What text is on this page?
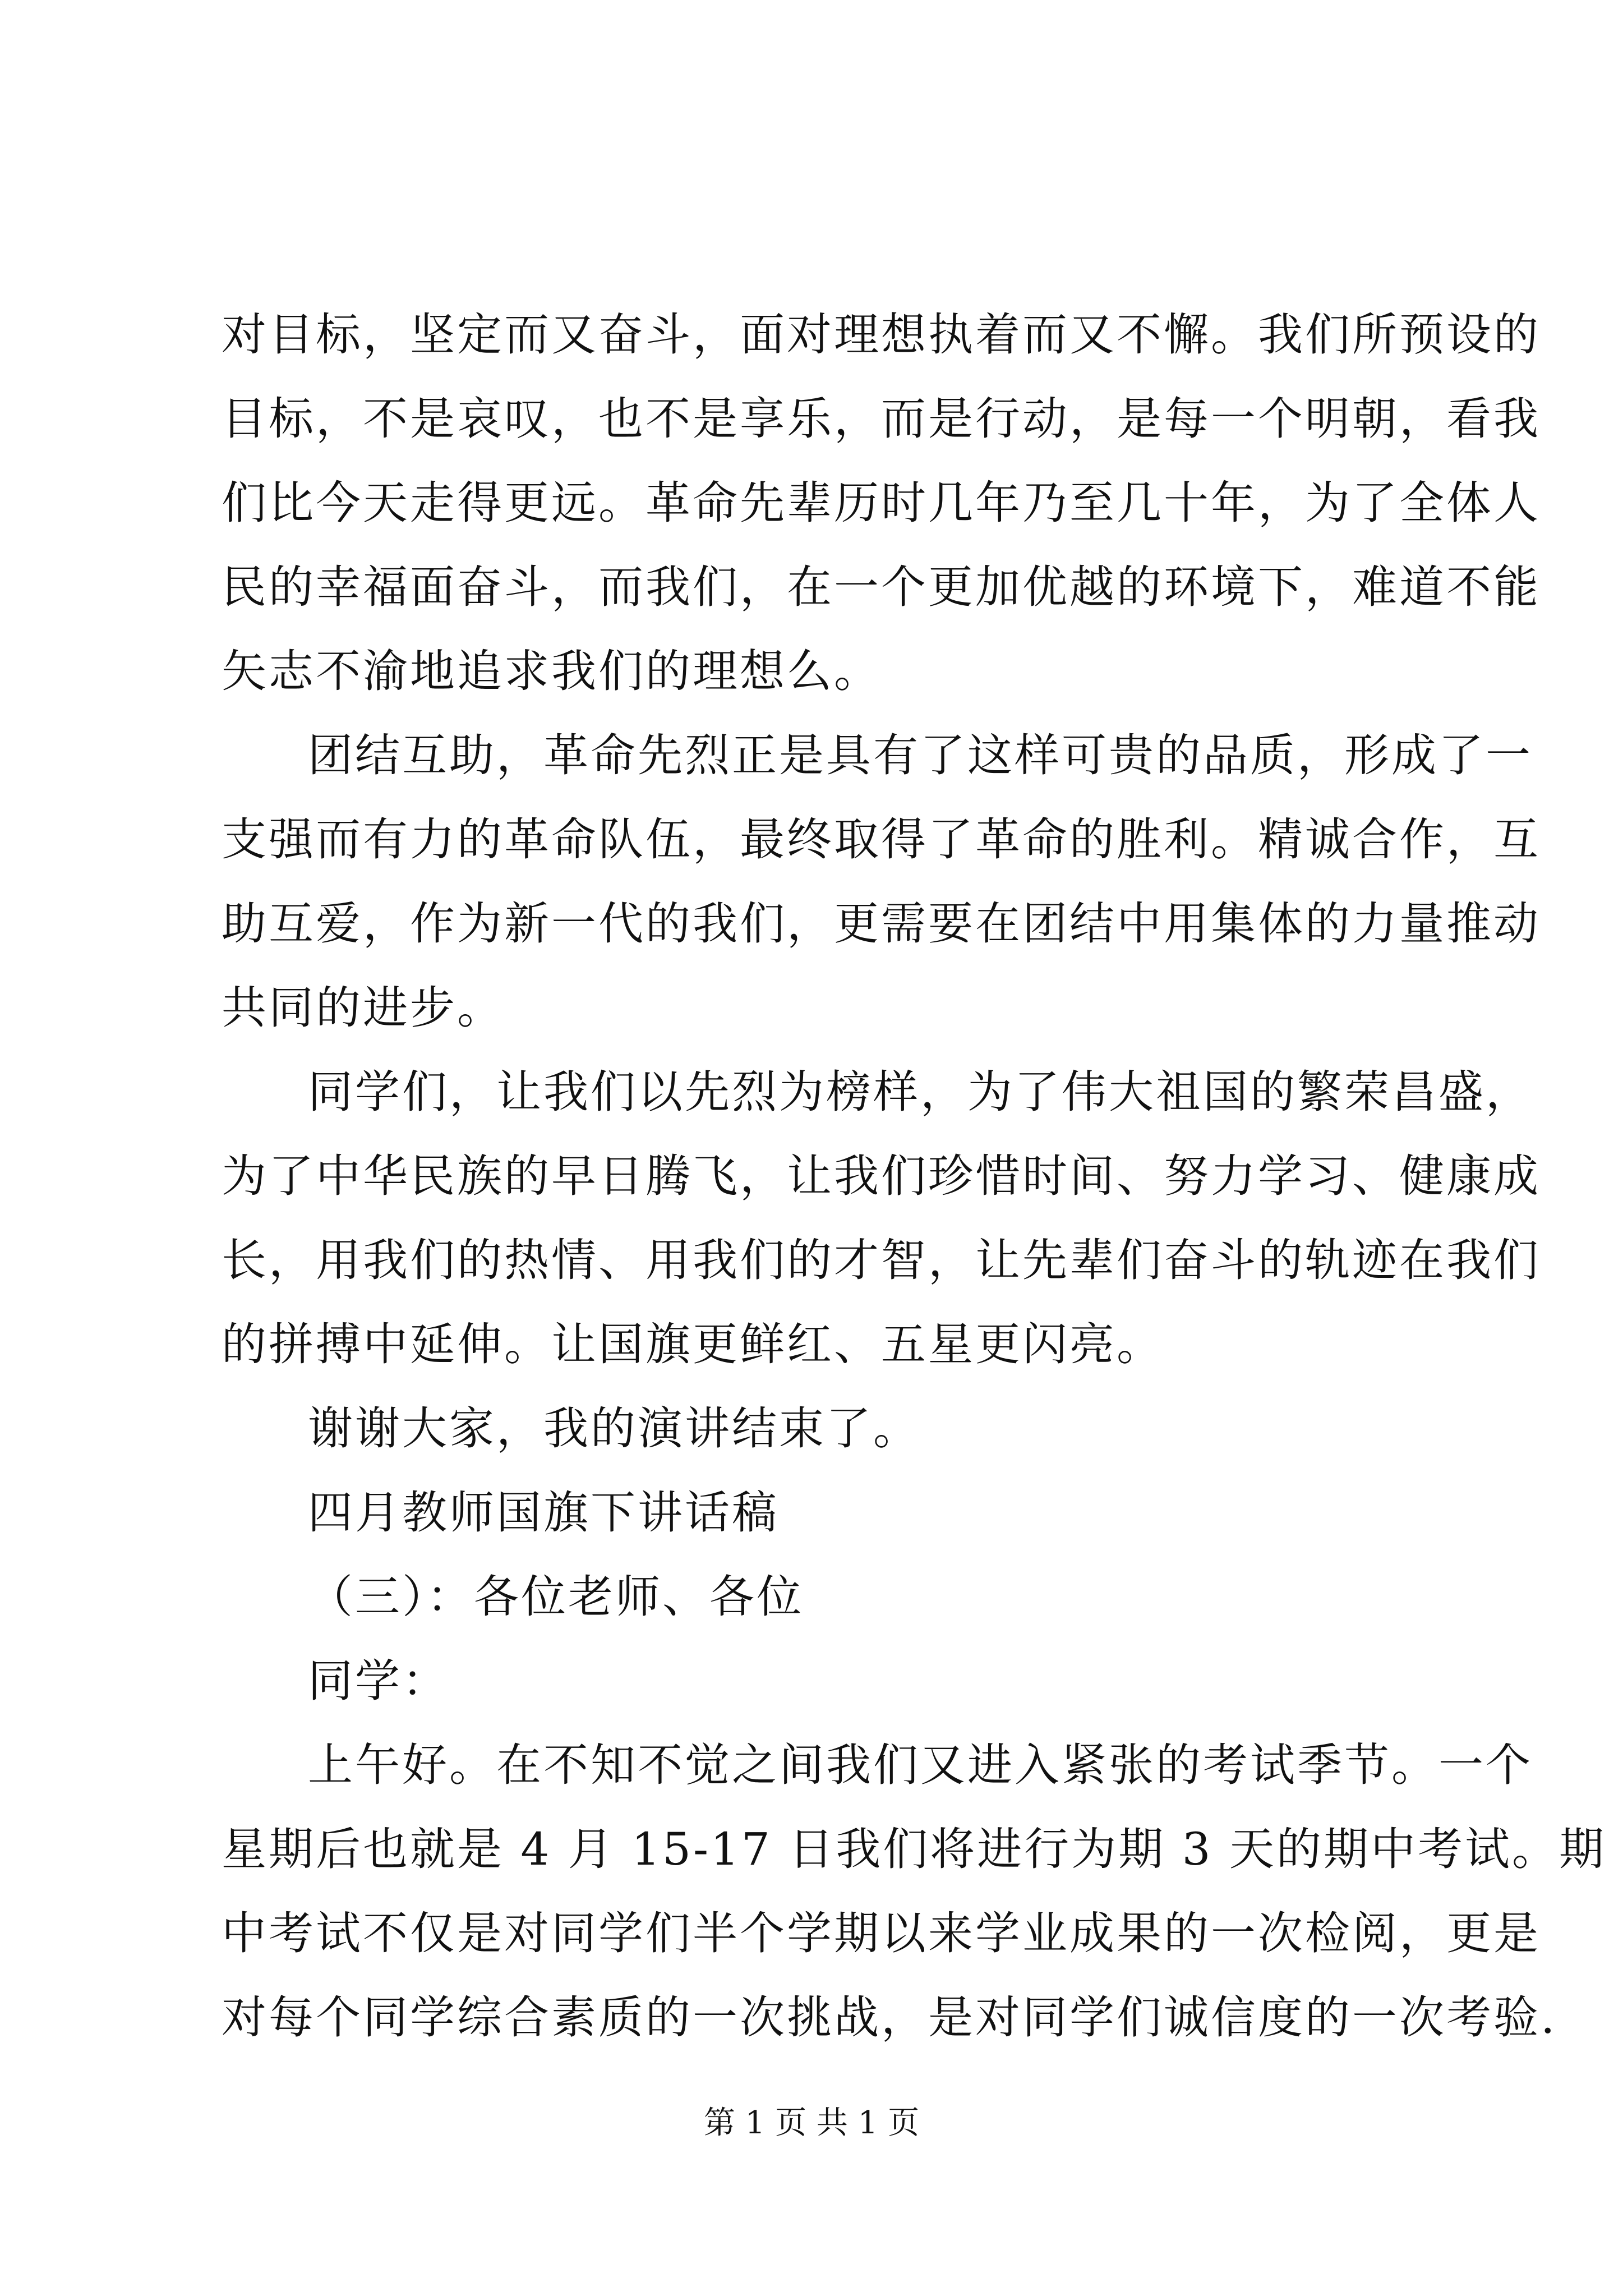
对目标，坚定而又奋斗，面对理想执着而又不懈。我们所预设的

目标，不是哀叹，也不是享乐，而是行动，是每一个明朝，看我

们比今天走得更远。革命先辈历时几年乃至几十年，为了全体人

民的幸福面奋斗，而我们，在一个更加优越的环境下，难道不能

矢志不渝地追求我们的理想么。

团结互助，革命先烈正是具有了这样可贵的品质，形成了一

支强而有力的革命队伍，最终取得了革命的胜利。精诚合作，互

助互爱，作为新一代的我们，更需要在团结中用集体的力量推动

共同的进步。

同学们，让我们以先烈为榜样，为了伟大祖国的繁荣昌盛，

为了中华民族的早日腾飞，让我们珍惜时间、努力学习、健康成

长，用我们的热情、用我们的才智，让先辈们奋斗的轨迹在我们

的拼搏中延伸。让国旗更鲜红、五星更闪亮。

谢谢大家，我的演讲结束了。

四月教师国旗下讲话稿

（三）：各位老师、各位

同学：

上午好。在不知不觉之间我们又进入紧张的考试季节。一个

星期后也就是 4 月 15-17 日我们将进行为期 3 天的期中考试。期

中考试不仅是对同学们半个学期以来学业成果的一次检阅，更是

对每个同学综合素质的一次挑战，是对同学们诚信度的一次考验.

第 1 页 共 1 页
